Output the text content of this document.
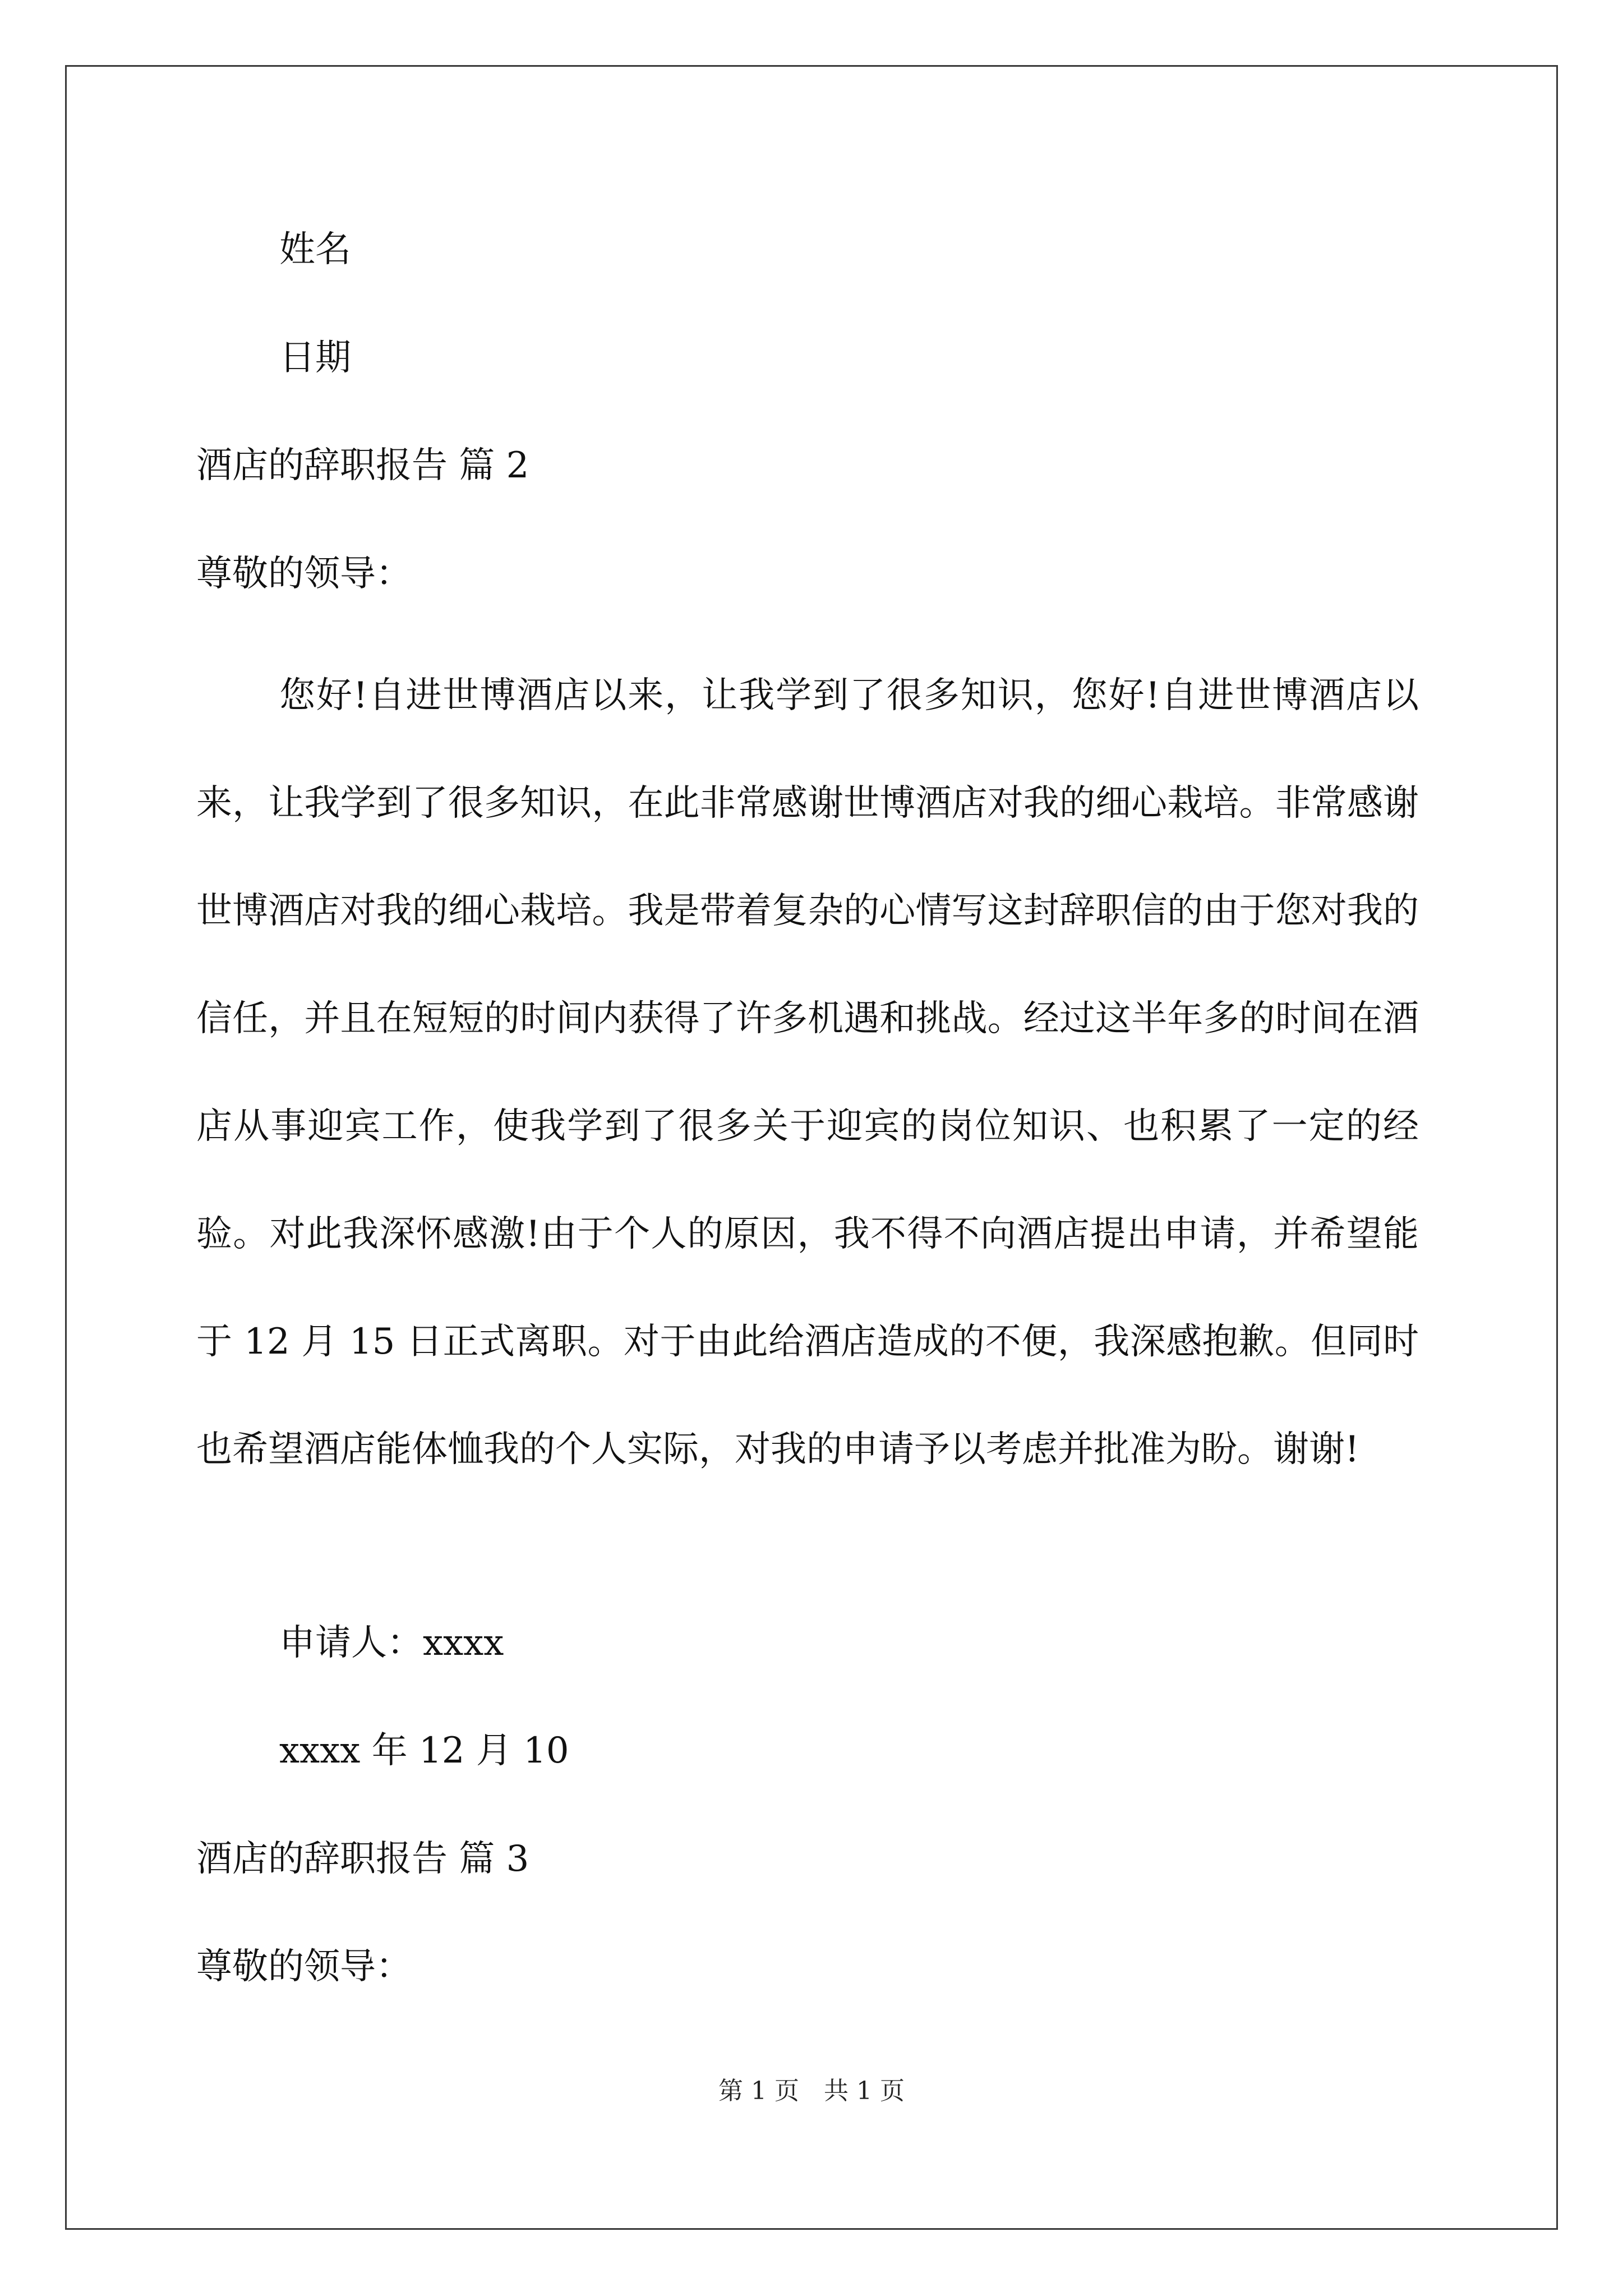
姓名
日期
酒店的辞职报告 篇 2
尊敬的领导：

您好!自进世博酒店以来，让我学到了很多知识，您好!自进世博酒店以来，让我学到了很多知识，在此非常感谢世博酒店对我的细心栽培。非常感谢世博酒店对我的细心栽培。我是带着复杂的心情写这封辞职信的由于您对我的信任，并且在短短的时间内获得了许多机遇和挑战。经过这半年多的时间在酒店从事迎宾工作，使我学到了很多关于迎宾的岗位知识、也积累了一定的经验。对此我深怀感激!由于个人的原因，我不得不向酒店提出申请，并希望能于 12 月 15 日正式离职。对于由此给酒店造成的不便，我深感抱歉。但同时也希望酒店能体恤我的个人实际，对我的申请予以考虑并批准为盼。谢谢!

申请人：xxxx
xxxx 年 12 月 10
酒店的辞职报告 篇 3
尊敬的领导：
第 1 页　共 1 页
